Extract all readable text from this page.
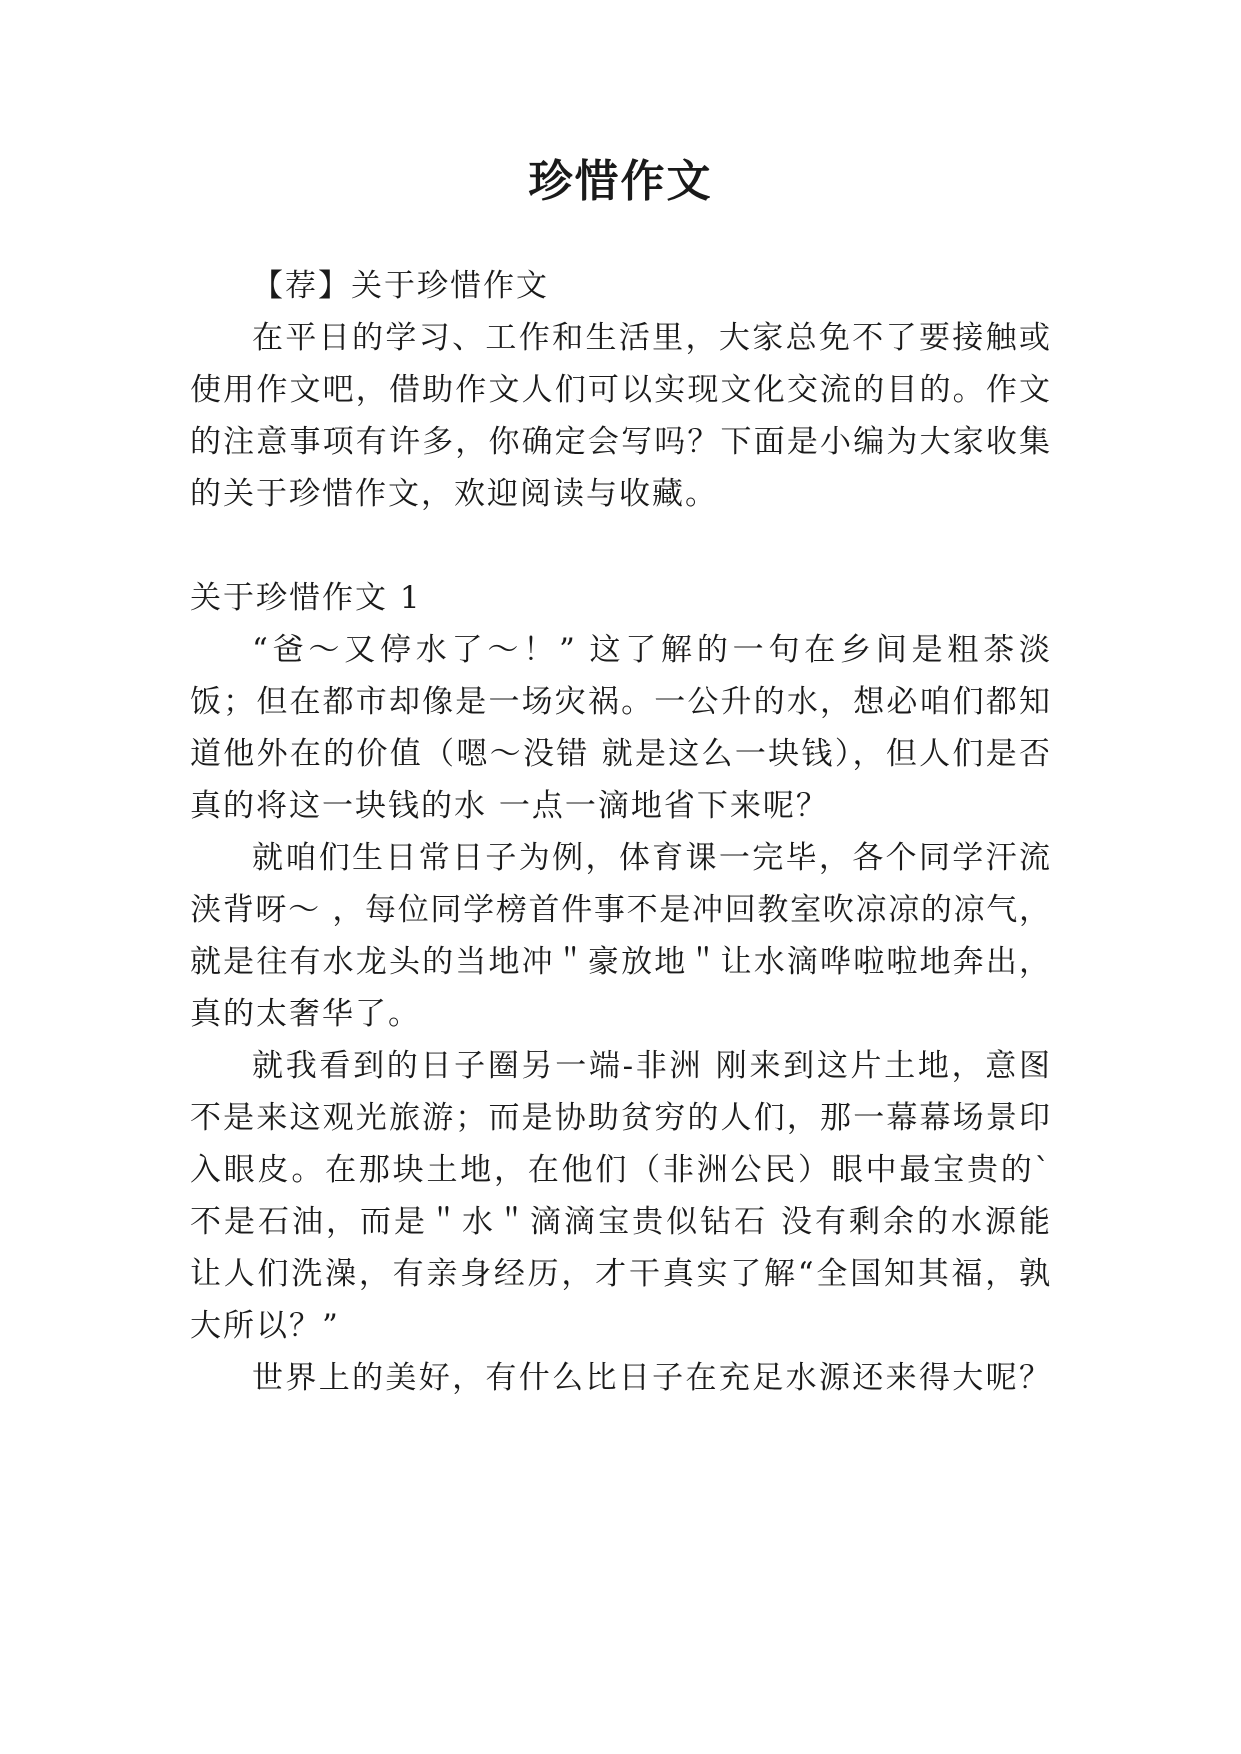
珍惜作文
【荐】关于珍惜作文
在平日的学习、工作和生活里，大家总免不了要接触或
使用作文吧，借助作文人们可以实现文化交流的目的。作文
的注意事项有许多，你确定会写吗？下面是小编为大家收集
的关于珍惜作文，欢迎阅读与收藏。
关于珍惜作文 1
“爸～又停水了～！” 这了解的一句在乡间是粗茶淡
饭；但在都市却像是一场灾祸。一公升的水，想必咱们都知
道他外在的价值（嗯～没错 就是这么一块钱），但人们是否
真的将这一块钱的水 一点一滴地省下来呢？
就咱们生日常日子为例，体育课一完毕，各个同学汗流
浃背呀～ ，每位同学榜首件事不是冲回教室吹凉凉的凉气，
就是往有水龙头的当地冲＂豪放地＂让水滴哗啦啦地奔出，
真的太奢华了。
就我看到的日子圈另一端-非洲 刚来到这片土地，意图
不是来这观光旅游；而是协助贫穷的人们，那一幕幕场景印
入眼皮。在那块土地，在他们（非洲公民）眼中最宝贵的`
不是石油，而是＂水＂滴滴宝贵似钻石 没有剩余的水源能
让人们洗澡，有亲身经历，才干真实了解“全国知其福，孰
大所以？”
世界上的美好，有什么比日子在充足水源还来得大呢？
